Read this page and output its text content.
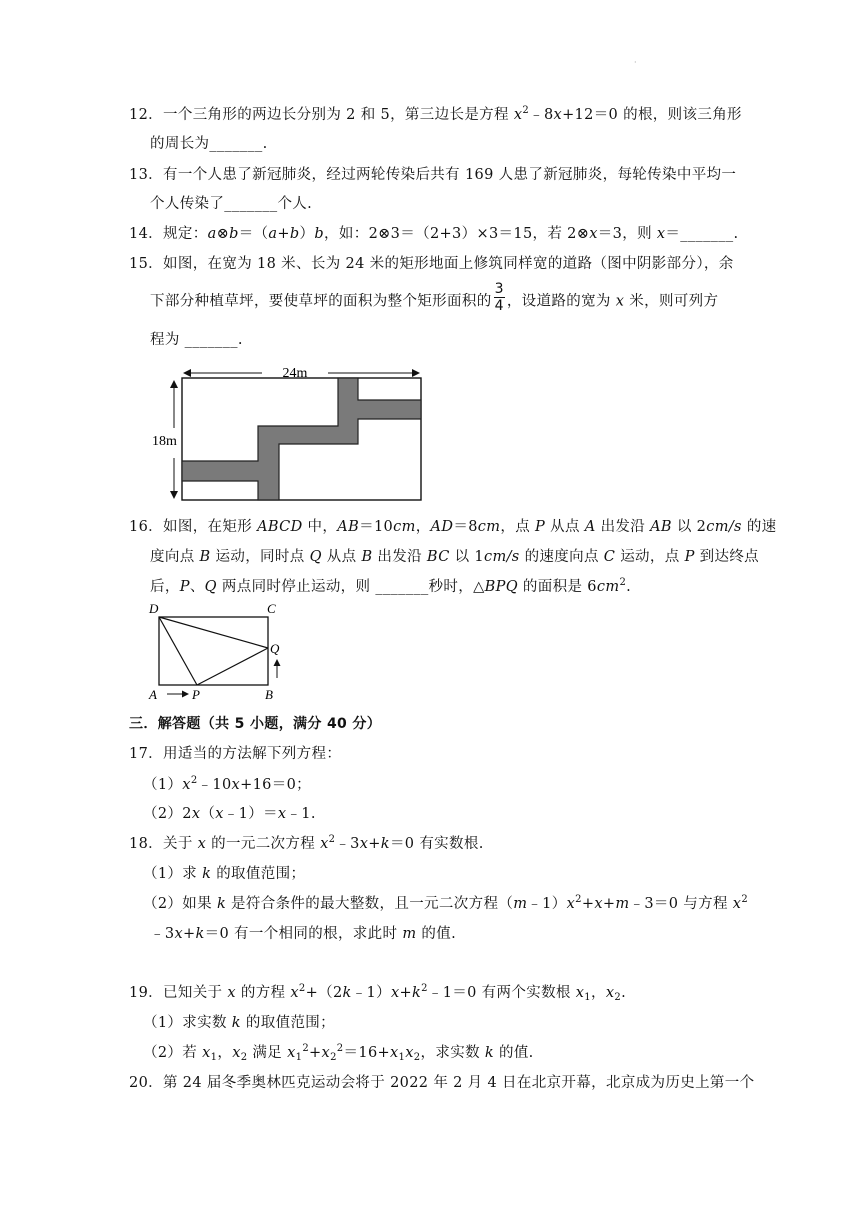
·
12．一个三角形的两边长分别为 2 和 5，第三边长是方程 $x^2﹣8x+12=0$ 的根，则该三角形
的周长为_______.
13．有一个人患了新冠肺炎，经过两轮传染后共有 169 人患了新冠肺炎，每轮传染中平均一
个人传染了_______个人.
14．规定：a⊗b＝（a+b）b，如：2⊗3＝（2+3）×3＝15，若 2⊗x＝3，则 x＝_______.
15．如图，在宽为 18 米、长为 24 米的矩形地面上修筑同样宽的道路（图中阴影部分），余
下部分种植草坪，要使草坪的面积为整个矩形面积的 $\frac{3}{4}$ ，设道路的宽为 x 米，则可列方
程为 _______.
24m
18m
16．如图，在矩形 ABCD 中，AB＝10cm，AD＝8cm，点 P 从点 A 出发沿 AB 以 2cm/s 的速
度向点 B 运动，同时点 Q 从点 B 出发沿 BC 以 1cm/s 的速度向点 C 运动，点 P 到达终点
后，P、Q 两点同时停止运动，则 _______秒时，△BPQ 的面积是 $6cm^2$.
D	C
Q
A	P	B
三．解答题（共 5 小题，满分 40 分）
17．用适当的方法解下列方程：
$(1)x^2﹣10x+16=0$；
（2）2x（x﹣1）＝x﹣1.
18．关于 x 的一元二次方程 $x^2﹣3x+k=0$ 有实数根.
（1）求 k 的取值范围；
（2）如果 k 是符合条件的最大整数，且一元二次方程$(m﹣1)x^2+x+m﹣3=0$ 与方程 $x^2$
﹣3x+k＝0 有一个相同的根，求此时 m 的值.
19．已知关于 x 的方程 $x^2+(2k﹣1)x+k^2﹣1=0$ 有两个实数根 $x_1$，$x_2$.
（1）求实数 k 的取值范围；
（2）若 $x_1$，$x_2$ 满足 $x_1^2+x_2^2=16+x_1x_2$，求实数 k 的值.
20．第 24 届冬季奥林匹克运动会将于 2022 年 2 月 4 日在北京开幕，北京成为历史上第一个
